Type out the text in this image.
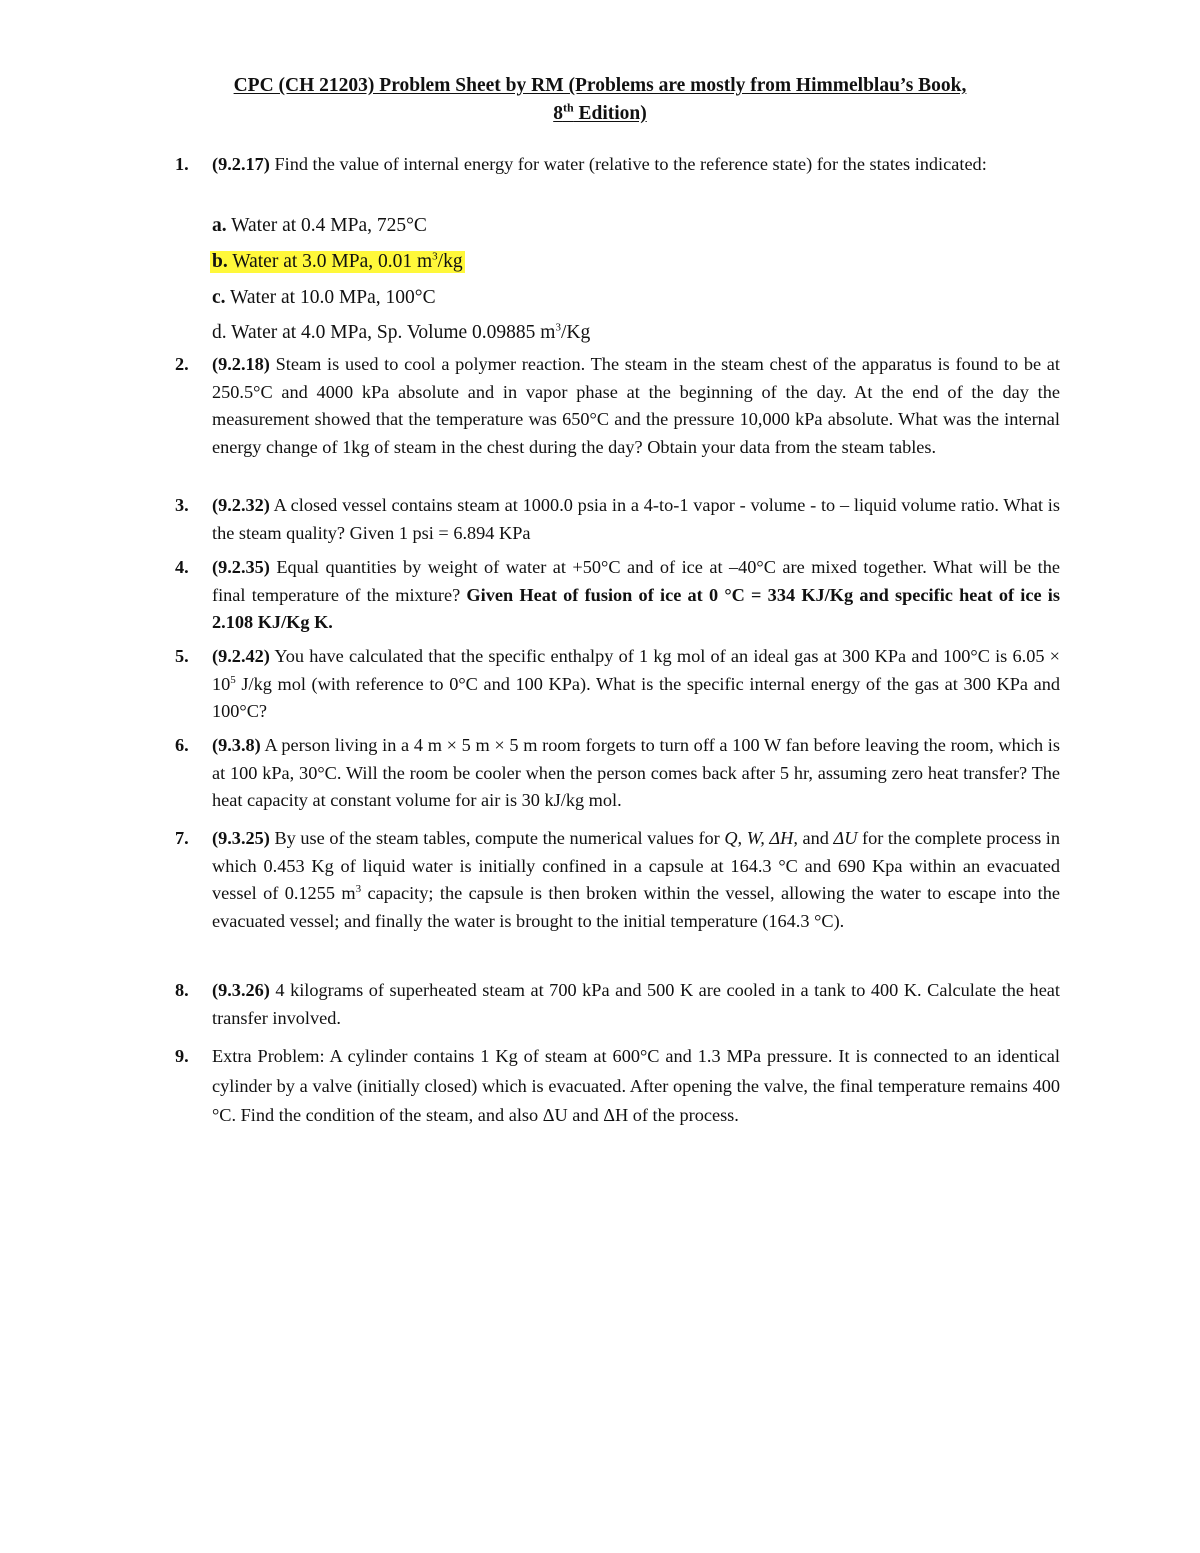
CPC (CH 21203) Problem Sheet by RM (Problems are mostly from Himmelblau’s Book,
8th Edition)
1. (9.2.17) Find the value of internal energy for water (relative to the reference state) for the states indicated:
a. Water at 0.4 MPa, 725°C
b. Water at 3.0 MPa, 0.01 $m^3/kg$
c. Water at 10.0 MPa, 100°C
d. Water at 4.0 MPa, Sp. Volume 0.09885 $m^3/Kg$
2. (9.2.18) Steam is used to cool a polymer reaction. The steam in the steam chest of the apparatus is found to be at 250.5°C and 4000 kPa absolute and in vapor phase at the beginning of the day. At the end of the day the measurement showed that the temperature was 650°C and the pressure 10,000 kPa absolute. What was the internal energy change of 1kg of steam in the chest during the day? Obtain your data from the steam tables.
3. (9.2.32) A closed vessel contains steam at 1000.0 psia in a 4-to-1 vapor - volume - to – liquid volume ratio. What is the steam quality? Given 1 psi = 6.894 KPa
4. (9.2.35) Equal quantities by weight of water at +50°C and of ice at –40°C are mixed together. What will be the final temperature of the mixture? Given Heat of fusion of ice at 0 °C = 334 KJ/Kg and specific heat of ice is 2.108 KJ/Kg K.
5. (9.2.42) You have calculated that the specific enthalpy of 1 kg mol of an ideal gas at 300 KPa and 100°C is $6.05 \times 10^5$ J/kg mol (with reference to 0°C and 100 KPa). What is the specific internal energy of the gas at 300 KPa and 100°C?
6. (9.3.8) A person living in a 4 m × 5 m × 5 m room forgets to turn off a 100 W fan before leaving the room, which is at 100 kPa, 30°C. Will the room be cooler when the person comes back after 5 hr, assuming zero heat transfer? The heat capacity at constant volume for air is 30 kJ/kg mol.
7. (9.3.25) By use of the steam tables, compute the numerical values for Q, W, ΔH, and ΔU for the complete process in which 0.453 Kg of liquid water is initially confined in a capsule at 164.3 °C and 690 Kpa within an evacuated vessel of 0.1255 $m^3$ capacity; the capsule is then broken within the vessel, allowing the water to escape into the evacuated vessel; and finally the water is brought to the initial temperature (164.3 °C).
8. (9.3.26) 4 kilograms of superheated steam at 700 kPa and 500 K are cooled in a tank to 400 K. Calculate the heat transfer involved.
9. Extra Problem: A cylinder contains 1 Kg of steam at 600°C and 1.3 MPa pressure. It is connected to an identical cylinder by a valve (initially closed) which is evacuated. After opening the valve, the final temperature remains 400 °C. Find the condition of the steam, and also ΔU and ΔH of the process.
